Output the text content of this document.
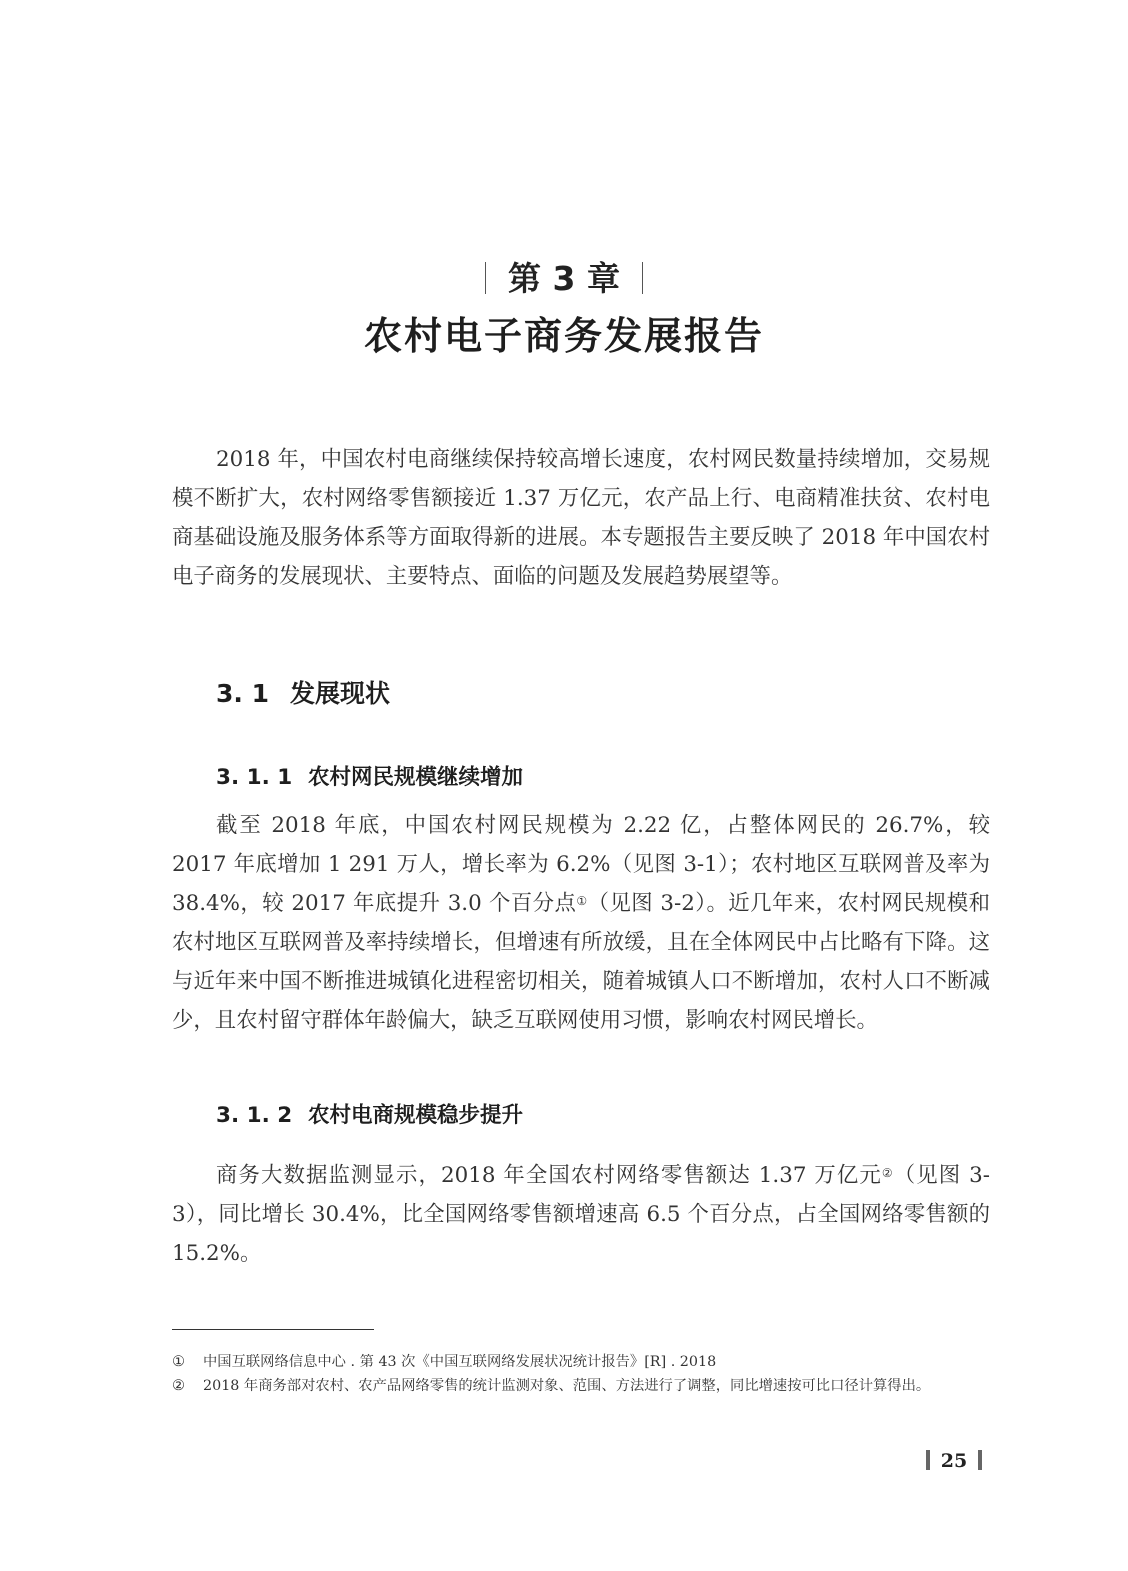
第 3 章
农村电子商务发展报告

2018 年，中国农村电商继续保持较高增长速度，农村网民数量持续增加，交易规模不断扩大，农村网络零售额接近 1.37 万亿元，农产品上行、电商精准扶贫、农村电商基础设施及服务体系等方面取得新的进展。本专题报告主要反映了 2018 年中国农村电子商务的发展现状、主要特点、面临的问题及发展趋势展望等。

3. 1 发展现状
3. 1. 1 农村网民规模继续增加

截至 2018 年底，中国农村网民规模为 2.22 亿，占整体网民的 26.7%，较 2017 年底增加 1 291 万人，增长率为 6.2%（见图 3-1）；农村地区互联网普及率为 38.4%，较 2017 年底提升 3.0 个百分点①（见图 3-2）。近几年来，农村网民规模和农村地区互联网普及率持续增长，但增速有所放缓，且在全体网民中占比略有下降。这与近年来中国不断推进城镇化进程密切相关，随着城镇人口不断增加，农村人口不断减少，且农村留守群体年龄偏大，缺乏互联网使用习惯，影响农村网民增长。

3. 1. 2 农村电商规模稳步提升

商务大数据监测显示，2018 年全国农村网络零售额达 1.37 万亿元②（见图 3-3），同比增长 30.4%，比全国网络零售额增速高 6.5 个百分点，占全国网络零售额的 15.2%。

① 中国互联网络信息中心 . 第 43 次《中国互联网络发展状况统计报告》[R] . 2018
② 2018 年商务部对农村、农产品网络零售的统计监测对象、范围、方法进行了调整，同比增速按可比口径计算得出。
25
